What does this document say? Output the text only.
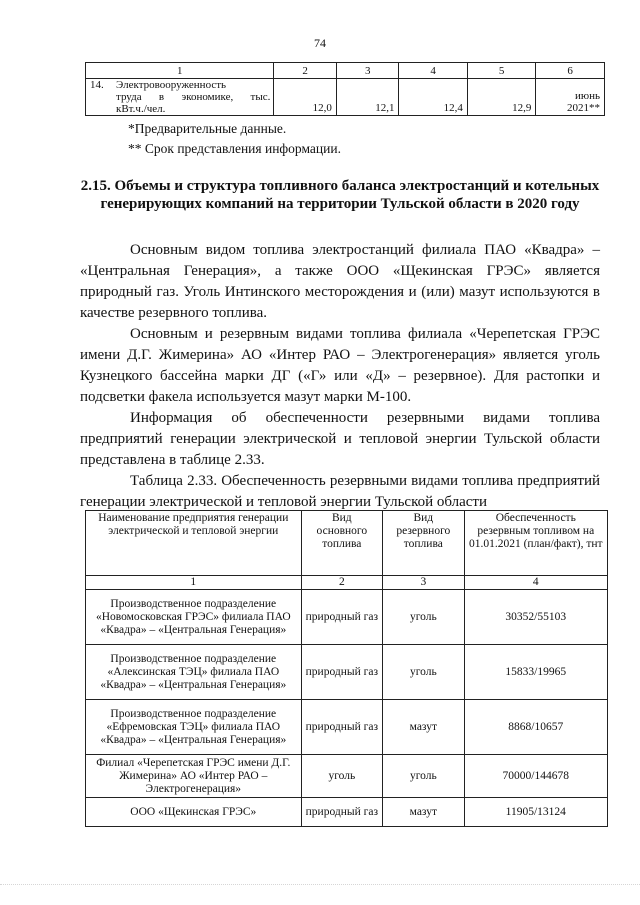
74
1	2	3	4	5	6

14. Электровооруженность
труда в экономике, тыс.
кВт.ч./чел.	12,0	12,1	12,4	12,9	июнь
2021**
*Предварительные данные.
** Срок представления информации.
2.15. Объемы и структура топливного баланса электростанций и котельных генерирующих компаний на территории Тульской области в 2020 году

Основным видом топлива электростанций филиала ПАО «Квадра» – «Центральная Генерация», а также ООО «Щекинская ГРЭС» является природный газ. Уголь Интинского месторождения и (или) мазут используются в качестве резервного топлива.

Основным и резервным видами топлива филиала «Черепетская ГРЭС имени Д.Г. Жимерина» АО «Интер РАО – Электрогенерация» является уголь Кузнецкого бассейна марки ДГ («Г» или «Д» – резервное). Для растопки и подсветки факела используется мазут марки М-100.

Информация об обеспеченности резервными видами топлива предприятий генерации электрической и тепловой энергии Тульской области представлена в таблице 2.33.

Таблица 2.33. Обеспеченность резервными видами топлива предприятий генерации электрической и тепловой энергии Тульской области

Наименование предприятия генерации электрической и тепловой энергии	Вид основного топлива	Вид резервного топлива	Обеспеченность резервным топливом на 01.01.2021 (план/факт), тнт
1	2	3	4
Производственное подразделение «Новомосковская ГРЭС» филиала ПАО «Квадра» – «Центральная Генерация»	природный газ	уголь	30352/55103
Производственное подразделение «Алексинская ТЭЦ» филиала ПАО «Квадра» – «Центральная Генерация»	природный газ	уголь	15833/19965
Производственное подразделение «Ефремовская ТЭЦ» филиала ПАО «Квадра» – «Центральная Генерация»	природный газ	мазут	8868/10657
Филиал «Черепетская ГРЭС имени Д.Г. Жимерина» АО «Интер РАО – Электрогенерация»	уголь	уголь	70000/144678
ООО «Щекинская ГРЭС»	природный газ	мазут	11905/13124
